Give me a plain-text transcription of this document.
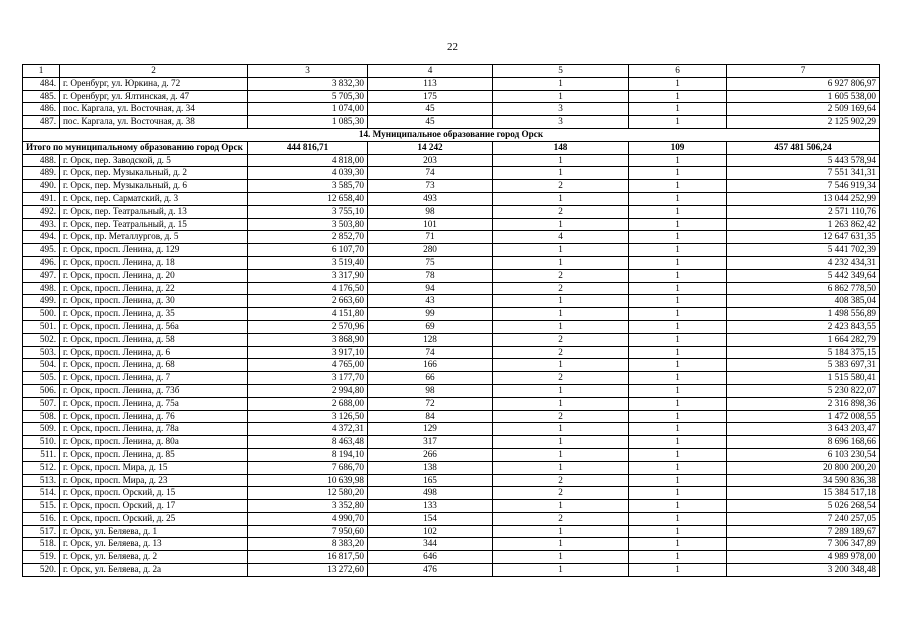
22
1	2	3	4	5	6	7
484.	г. Оренбург, ул. Юркина, д. 72	3 832,30	113	1	1	6 927 806,97
485.	г. Оренбург, ул. Ялтинская, д. 47	5 705,30	175	1	1	1 605 538,00
486.	пос. Каргала, ул. Восточная, д. 34	1 074,00	45	3	1	2 509 169,64
487.	пос. Каргала, ул. Восточная, д. 38	1 085,30	45	3	1	2 125 902,29
14. Муниципальное образование город Орск						
Итого по муниципальному образованию город Орск		444 816,71	14 242	148	109	457 481 506,24
488.	г. Орск, пер. Заводской, д. 5	4 818,00	203	1	1	5 443 578,94
489.	г. Орск, пер. Музыкальный, д. 2	4 039,30	74	1	1	7 551 341,31
490.	г. Орск, пер. Музыкальный, д. 6	3 585,70	73	2	1	7 546 919,34
491.	г. Орск, пер. Сарматский, д. 3	12 658,40	493	1	1	13 044 252,99
492.	г. Орск, пер. Театральный, д. 13	3 755,10	98	2	1	2 571 110,76
493.	г. Орск, пер. Театральный, д. 15	3 503,80	101	1	1	1 263 862,42
494.	г. Орск, пр. Металлургов, д. 5	2 852,70	71	4	1	12 647 631,35
495.	г. Орск, просп. Ленина, д. 129	6 107,70	280	1	1	5 441 702,39
496.	г. Орск, просп. Ленина, д. 18	3 519,40	75	1	1	4 232 434,31
497.	г. Орск, просп. Ленина, д. 20	3 317,90	78	2	1	5 442 349,64
498.	г. Орск, просп. Ленина, д. 22	4 176,50	94	2	1	6 862 778,50
499.	г. Орск, просп. Ленина, д. 30	2 663,60	43	1	1	408 385,04
500.	г. Орск, просп. Ленина, д. 35	4 151,80	99	1	1	1 498 556,89
501.	г. Орск, просп. Ленина, д. 56а	2 570,96	69	1	1	2 423 843,55
502.	г. Орск, просп. Ленина, д. 58	3 868,90	128	2	1	1 664 282,79
503.	г. Орск, просп. Ленина, д. 6	3 917,10	74	2	1	5 184 375,15
504.	г. Орск, просп. Ленина, д. 68	4 765,00	166	1	1	5 383 697,31
505.	г. Орск, просп. Ленина, д. 7	3 177,70	66	2	1	1 515 580,41
506.	г. Орск, просп. Ленина, д. 73б	2 994,80	98	1	1	5 230 822,07
507.	г. Орск, просп. Ленина, д. 75а	2 688,00	72	1	1	2 316 898,36
508.	г. Орск, просп. Ленина, д. 76	3 126,50	84	2	1	1 472 008,55
509.	г. Орск, просп. Ленина, д. 78а	4 372,31	129	1	1	3 643 203,47
510.	г. Орск, просп. Ленина, д. 80а	8 463,48	317	1	1	8 696 168,66
511.	г. Орск, просп. Ленина, д. 85	8 194,10	266	1	1	6 103 230,54
512.	г. Орск, просп. Мира, д. 15	7 686,70	138	1	1	20 800 200,20
513.	г. Орск, просп. Мира, д. 23	10 639,98	165	2	1	34 590 836,38
514.	г. Орск, просп. Орский, д. 15	12 580,20	498	2	1	15 384 517,18
515.	г. Орск, просп. Орский, д. 17	3 352,80	133	1	1	5 026 268,54
516.	г. Орск, просп. Орский, д. 25	4 990,70	154	2	1	7 240 257,05
517.	г. Орск, ул. Беляева, д. 1	7 950,60	102	1	1	7 289 189,67
518.	г. Орск, ул. Беляева, д. 13	8 383,20	344	1	1	7 306 347,89
519.	г. Орск, ул. Беляева, д. 2	16 817,50	646	1	1	4 989 978,00
520.	г. Орск, ул. Беляева, д. 2а	13 272,60	476	1	1	3 200 348,48
